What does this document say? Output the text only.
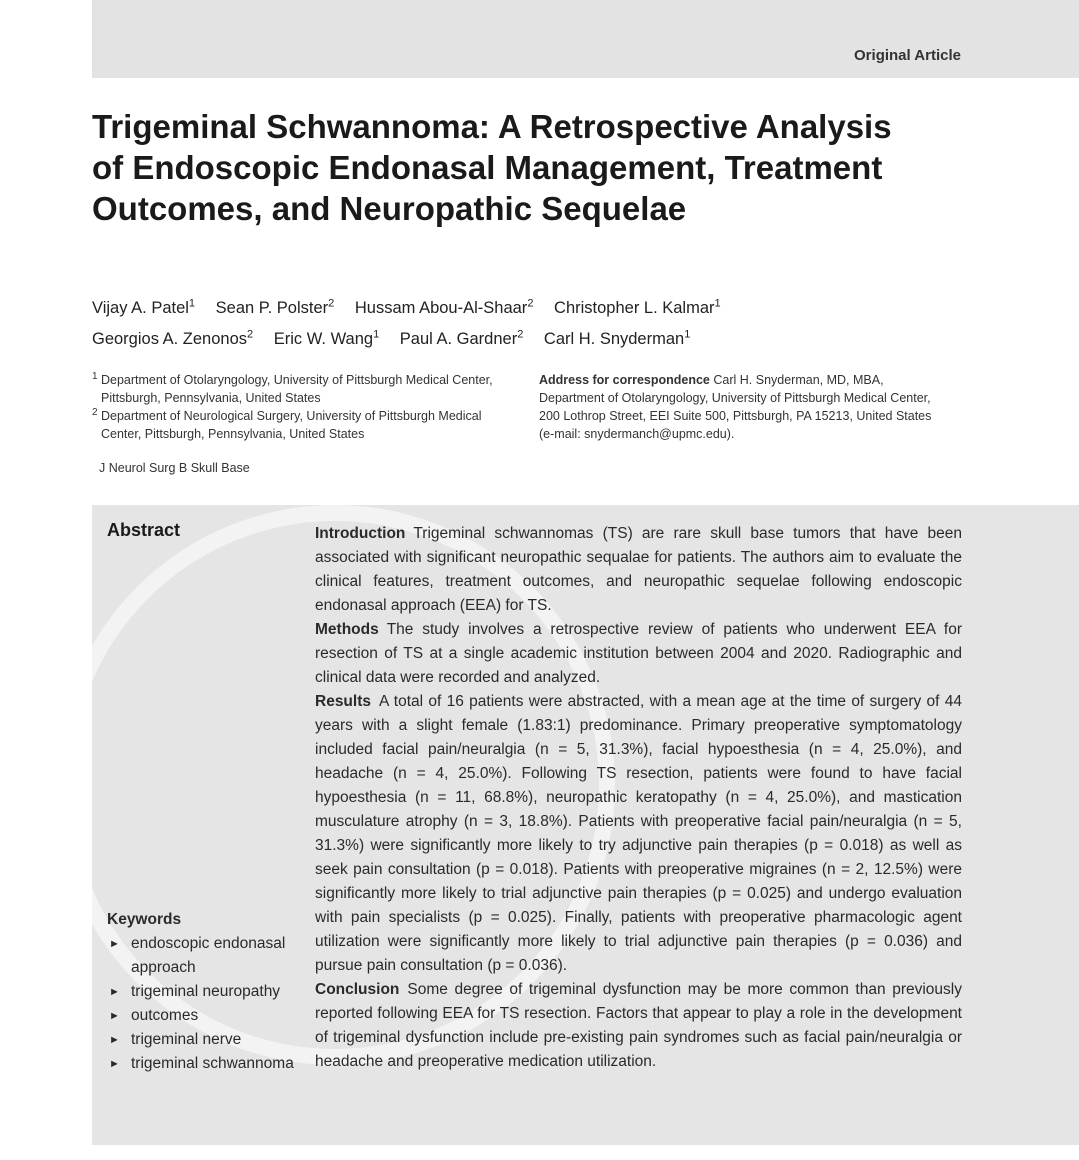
Original Article
Trigeminal Schwannoma: A Retrospective Analysis of Endoscopic Endonasal Management, Treatment Outcomes, and Neuropathic Sequelae
Vijay A. Patel$^1$ Sean P. Polster$^2$ Hussam Abou-Al-Shaar$^2$ Christopher L. Kalmar$^1$
Georgios A. Zenonos$^2$ Eric W. Wang$^1$ Paul A. Gardner$^2$ Carl H. Snyderman$^1$
1 Department of Otolaryngology, University of Pittsburgh Medical Center, Pittsburgh, Pennsylvania, United States
2 Department of Neurological Surgery, University of Pittsburgh Medical Center, Pittsburgh, Pennsylvania, United States
Address for correspondence Carl H. Snyderman, MD, MBA, Department of Otolaryngology, University of Pittsburgh Medical Center, 200 Lothrop Street, EEI Suite 500, Pittsburgh, PA 15213, United States (e-mail: snydermanch@upmc.edu).
J Neurol Surg B Skull Base
Abstract	Introduction Trigeminal schwannomas (TS) are rare skull base tumors that have been associated with significant neuropathic sequalae for patients. The authors aim to evaluate the clinical features, treatment outcomes, and neuropathic sequelae following endoscopic endonasal approach (EEA) for TS.

Methods The study involves a retrospective review of patients who underwent EEA for resection of TS at a single academic institution between 2004 and 2020. Radiographic and clinical data were recorded and analyzed.

Results A total of 16 patients were abstracted, with a mean age at the time of surgery of 44 years with a slight female (1.83:1) predominance. Primary preoperative symptomatology included facial pain/neuralgia (n = 5, 31.3%), facial hypoesthesia (n = 4, 25.0%), and headache (n = 4, 25.0%). Following TS resection, patients were found to have facial hypoesthesia (n = 11, 68.8%), neuropathic keratopathy (n = 4, 25.0%), and mastication musculature atrophy (n = 3, 18.8%). Patients with preoperative facial pain/neuralgia (n = 5, 31.3%) were significantly more likely to try adjunctive pain therapies (p = 0.018) as well as seek pain consultation (p = 0.018). Patients with preoperative migraines (n = 2, 12.5%) were significantly more likely to trial adjunctive pain therapies (p = 0.025) and undergo evaluation with pain specialists (p = 0.025). Finally, patients with preoperative pharmacologic agent utilization were significantly more likely to trial adjunctive pain therapies (p = 0.036) and pursue pain consultation (p = 0.036).

Conclusion Some degree of trigeminal dysfunction may be more common than previously reported following EEA for TS resection. Factors that appear to play a role in the development of trigeminal dysfunction include pre-existing pain syndromes such as facial pain/neuralgia or headache and preoperative medication utilization.

Keywords
► endoscopic endonasal approach
► trigeminal neuropathy
► outcomes
► trigeminal nerve
► trigeminal schwannoma
